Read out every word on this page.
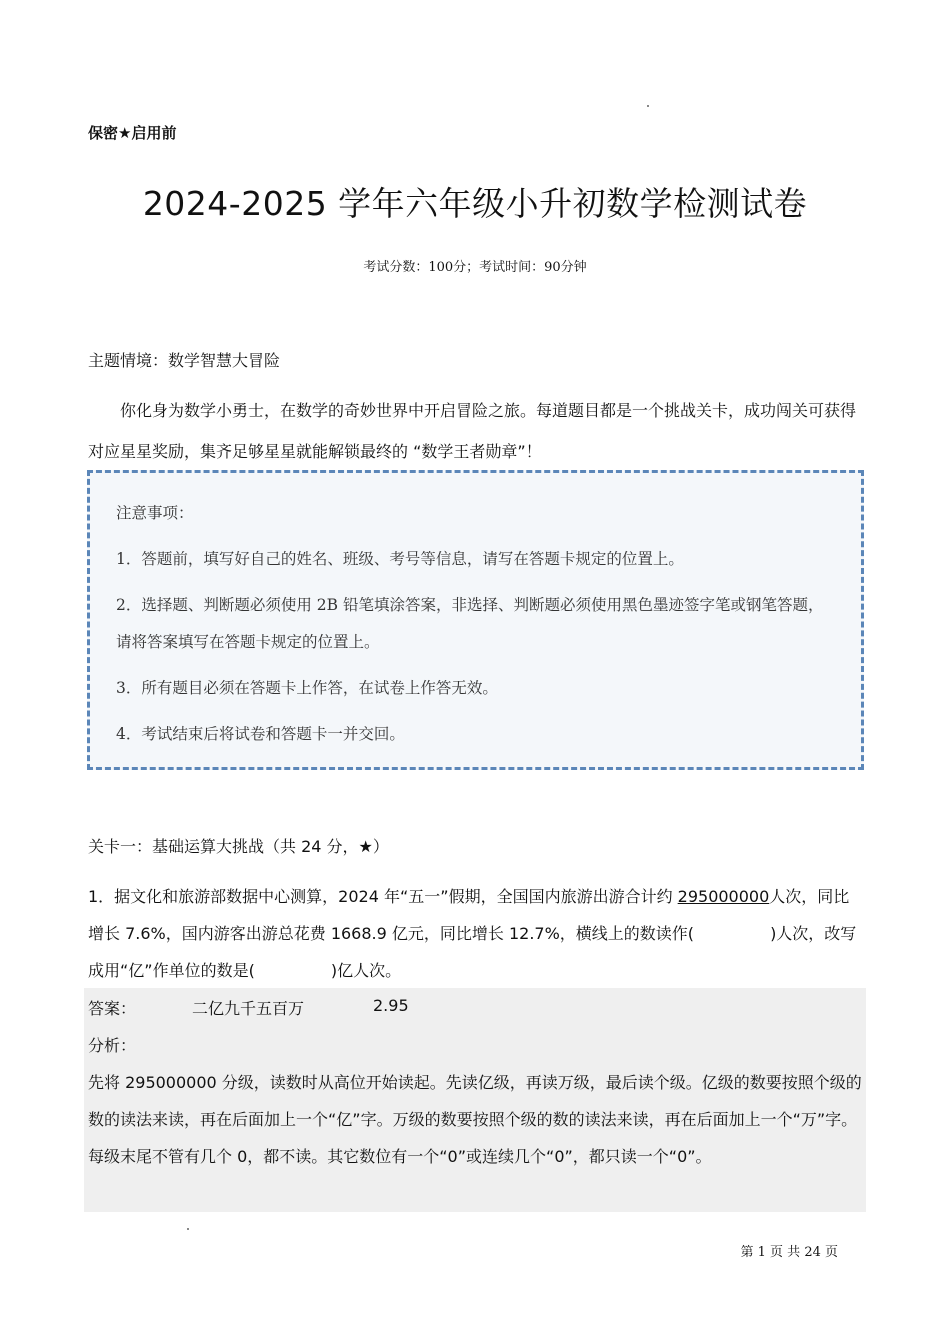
保密★启用前
2024-2025 学年六年级小升初数学检测试卷
考试分数：100分；考试时间：90分钟
主题情境：数学智慧大冒险
你化身为数学小勇士，在数学的奇妙世界中开启冒险之旅。每道题目都是一个挑战关卡，成功闯关可获得对应星星奖励，集齐足够星星就能解锁最终的 “数学王者勋章”！
注意事项：
1．答题前，填写好自己的姓名、班级、考号等信息，请写在答题卡规定的位置上。
2．选择题、判断题必须使用 2B 铅笔填涂答案，非选择、判断题必须使用黑色墨迹签字笔或钢笔答题，请将答案填写在答题卡规定的位置上。
3．所有题目必须在答题卡上作答，在试卷上作答无效。
4．考试结束后将试卷和答题卡一并交回。
关卡一：基础运算大挑战（共 24 分，★）
1．据文化和旅游部数据中心测算，2024 年“五一”假期，全国国内旅游出游合计约 295000000人次，同比增长 7.6%，国内游客出游总花费 1668.9 亿元，同比增长 12.7%，横线上的数读作(	)人次，改写成用“亿”作单位的数是(	)亿人次。
答案：	二亿九千五百万	2.95
分析：
先将 295000000 分级，读数时从高位开始读起。先读亿级，再读万级，最后读个级。亿级的数要按照个级的数的读法来读，再在后面加上一个“亿”字。万级的数要按照个级的数的读法来读，再在后面加上一个“万”字。每级末尾不管有几个 0，都不读。其它数位有一个“0”或连续几个“0”，都只读一个“0”。
第 1 页 共 24 页
